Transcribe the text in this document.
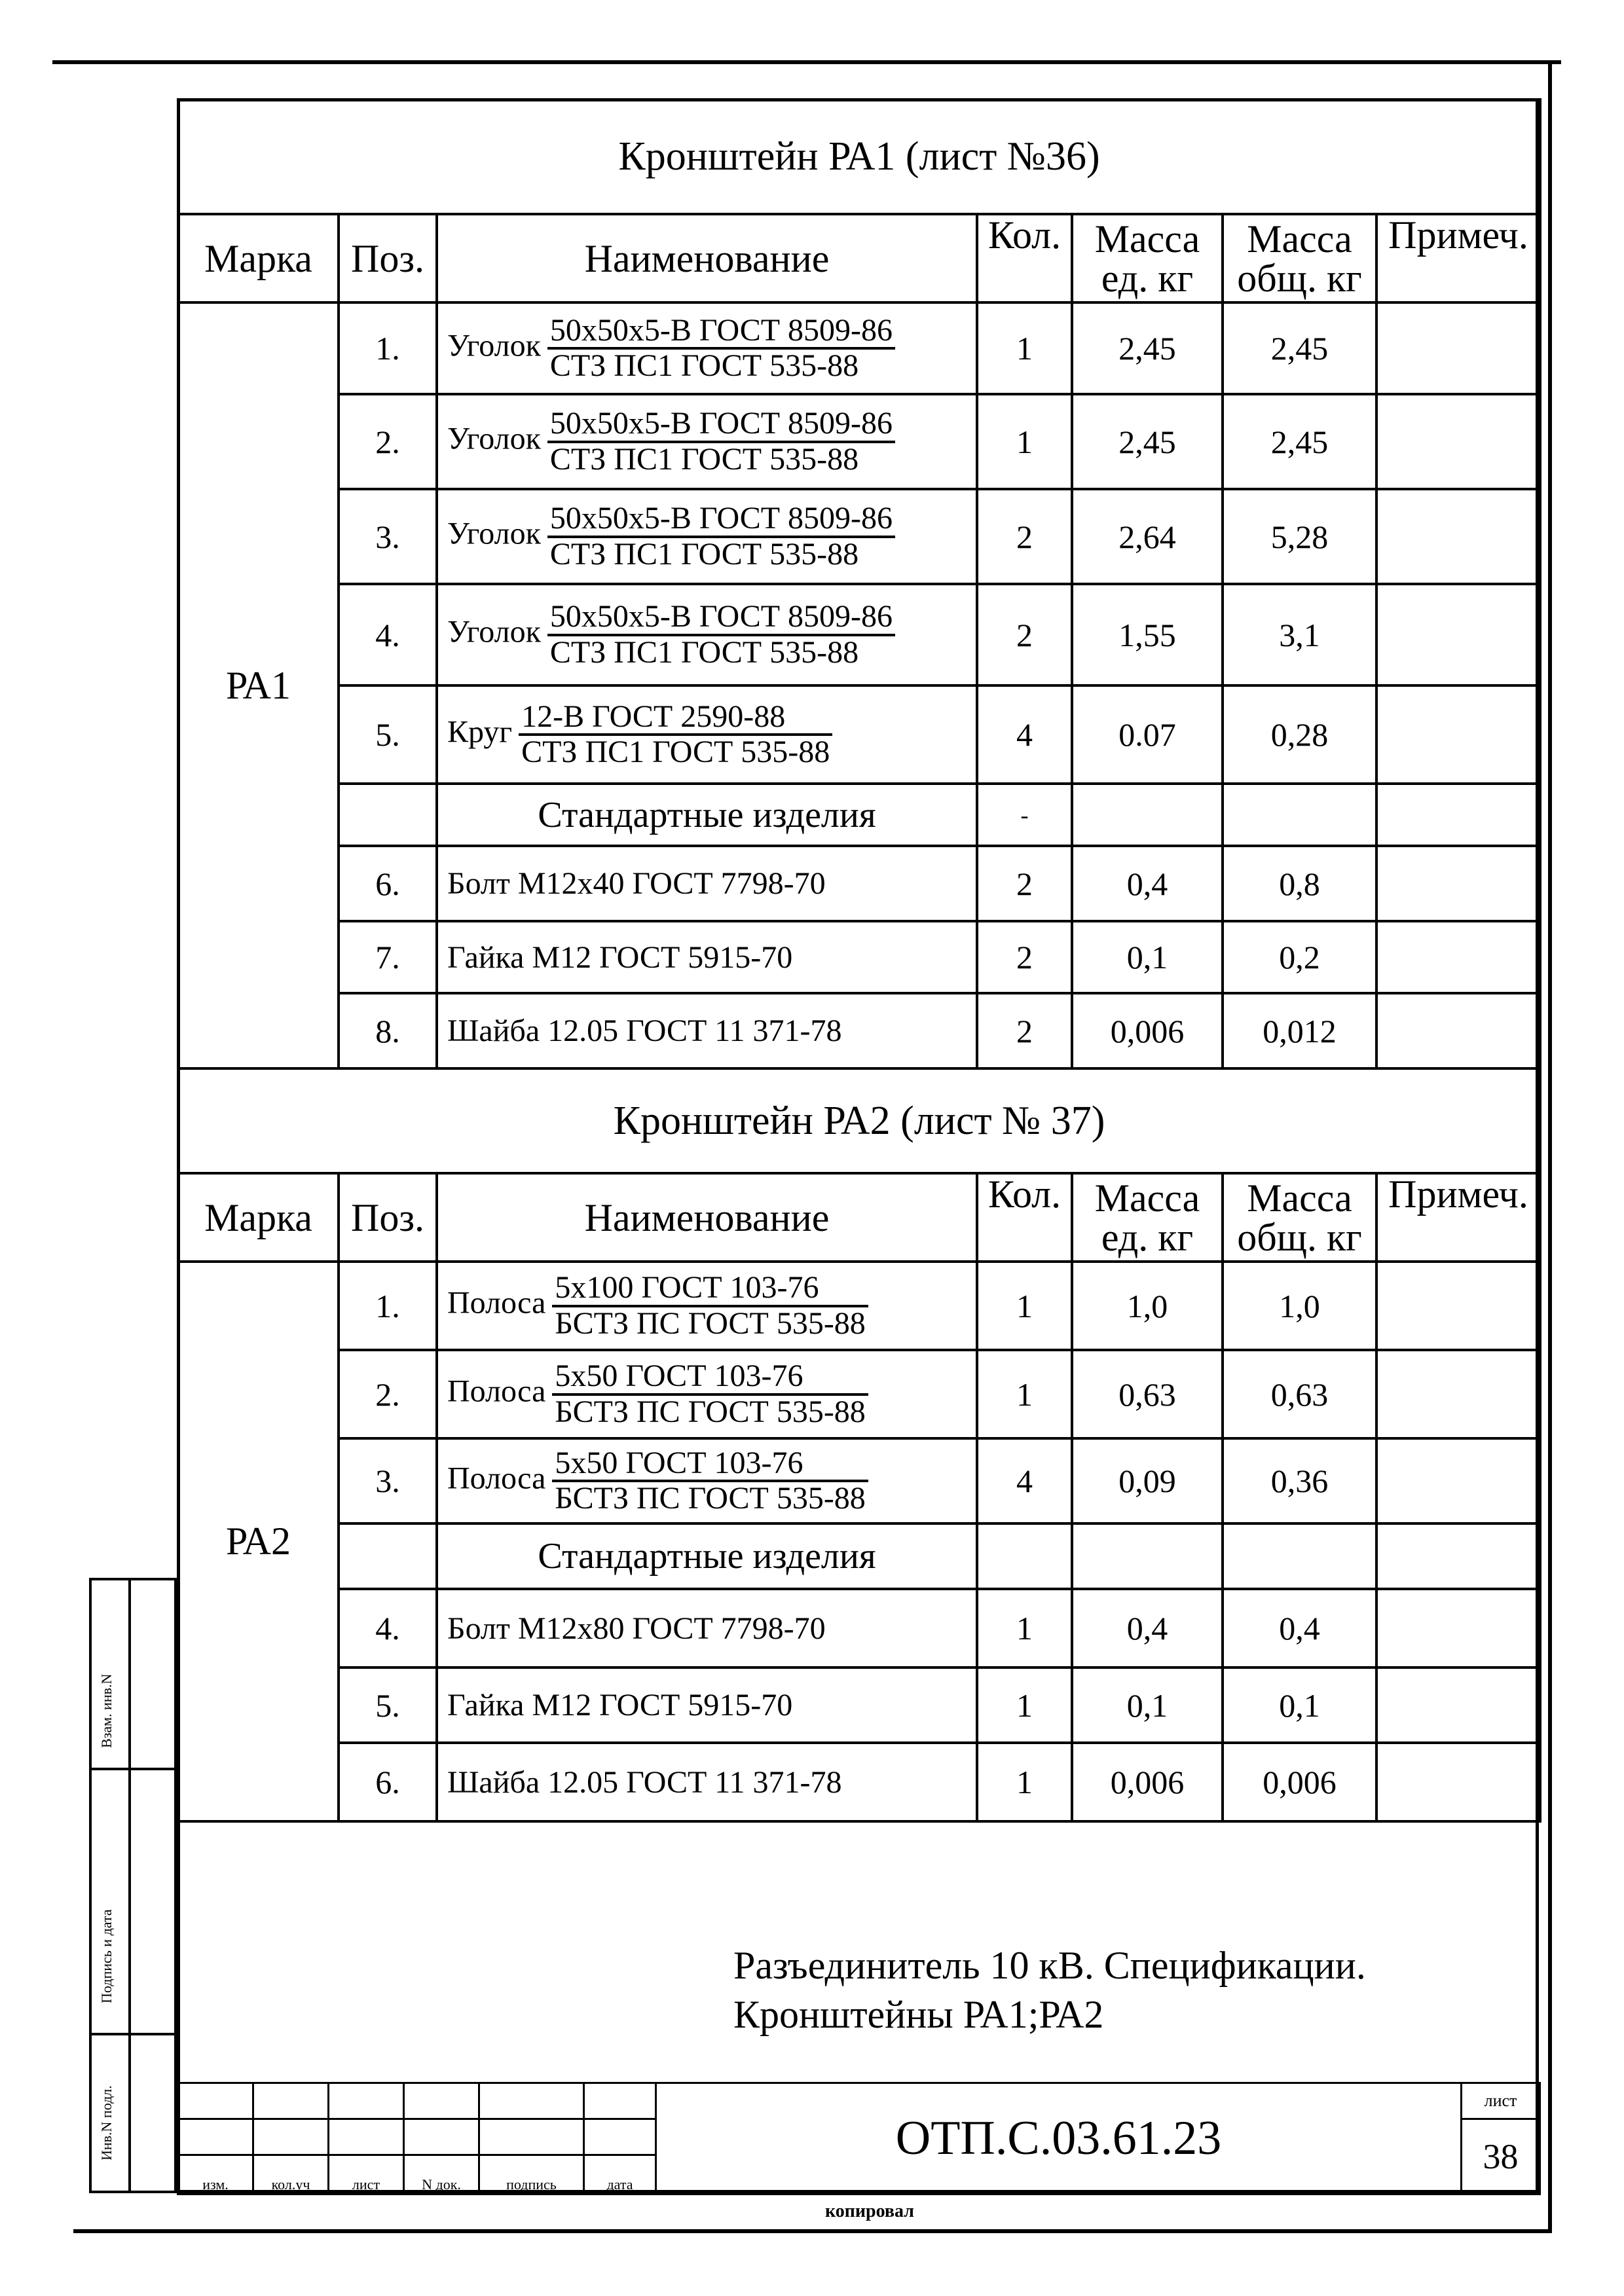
Взам. инв.N
Подпись и дата
Инв.N подл.
Кронштейн РА1 (лист №36)						
Марка	Поз.	Наименование	Кол.	Масса ед. кг	Масса общ. кг	Примеч.
РА1	1.	Уголок $\frac{\text{50х50х5-В ГОСТ 8509-86}}{\text{СТЗ ПС1 ГОСТ 535-88}}$	1	2,45	2,45	
	2.	Уголок $\frac{\text{50х50х5-В ГОСТ 8509-86}}{\text{СТЗ ПС1 ГОСТ 535-88}}$	1	2,45	2,45	
	3.	Уголок $\frac{\text{50х50х5-В ГОСТ 8509-86}}{\text{СТЗ ПС1 ГОСТ 535-88}}$	2	2,64	5,28	
	4.	Уголок $\frac{\text{50х50х5-В ГОСТ 8509-86}}{\text{СТЗ ПС1 ГОСТ 535-88}}$	2	1,55	3,1	
	5.	Круг $\frac{\text{12-В ГОСТ 2590-88}}{\text{СТЗ ПС1 ГОСТ 535-88}}$	4	0.07	0,28	
		Стандартные изделия	-			
	6.	Болт М12х40 ГОСТ 7798-70	2	0,4	0,8	
	7.	Гайка М12 ГОСТ 5915-70	2	0,1	0,2	
	8.	Шайба 12.05 ГОСТ 11 371-78	2	0,006	0,012	
Кронштейн РА2 (лист № 37)						
Марка	Поз.	Наименование	Кол.	Масса ед. кг	Масса общ. кг	Примеч.
РА2	1.	Полоса $\frac{\text{5х100 ГОСТ 103-76}}{\text{БСТЗ ПС ГОСТ 535-88}}$	1	1,0	1,0	
	2.	Полоса $\frac{\text{5х50 ГОСТ 103-76}}{\text{БСТЗ ПС ГОСТ 535-88}}$	1	0,63	0,63	
	3.	Полоса $\frac{\text{5х50 ГОСТ 103-76}}{\text{БСТЗ ПС ГОСТ 535-88}}$	4	0,09	0,36	
		Стандартные изделия				
	4.	Болт М12х80 ГОСТ 7798-70	1	0,4	0,4	
	5.	Гайка М12 ГОСТ 5915-70	1	0,1	0,1	
	6.	Шайба 12.05 ГОСТ 11 371-78	1	0,006	0,006	
Разъединитель 10 кВ. Спецификации.
Кронштейны РА1;РА2
						ОТП.С.03.61.23	лист
							38
изм.	кол.уч	лист	N док.	подпись	дата		
копировал
